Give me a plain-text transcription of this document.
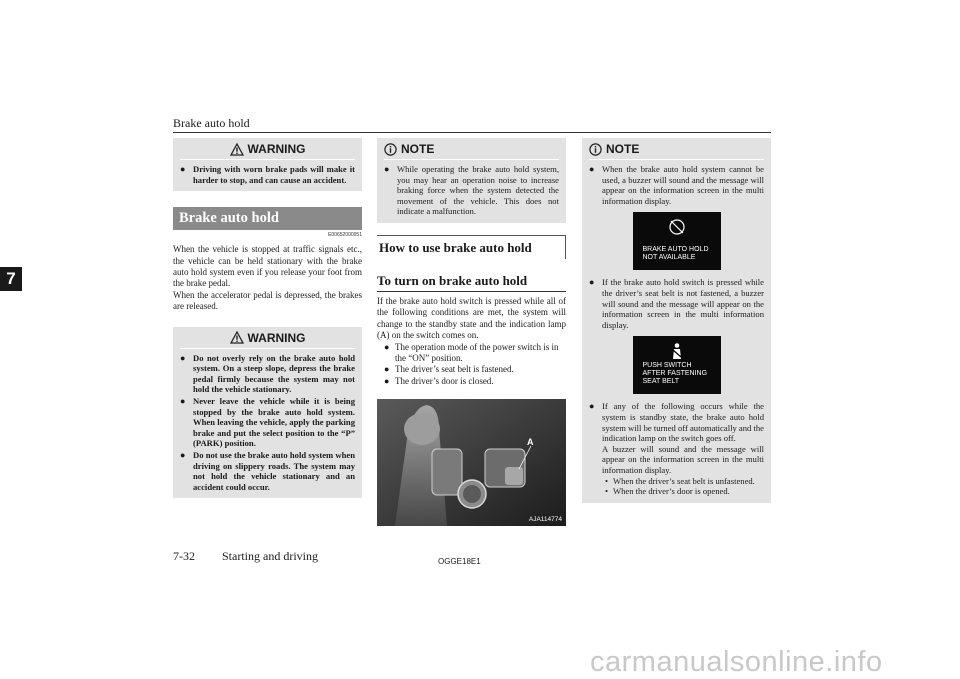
Brake auto hold
7
WARNING
● Driving with worn brake pads will make it harder to stop, and can cause an accident.
Brake auto hold
E00652000051
When the vehicle is stopped at traffic signals etc., the vehicle can be held stationary with the brake auto hold system even if you release your foot from the brake pedal.
When the accelerator pedal is depressed, the brakes are released.
WARNING
● Do not overly rely on the brake auto hold system. On a steep slope, depress the brake pedal firmly because the system may not hold the vehicle stationary.
● Never leave the vehicle while it is being stopped by the brake auto hold system. When leaving the vehicle, apply the parking brake and put the select position to the “P” (PARK) position.
● Do not use the brake auto hold system when driving on slippery roads. The system may not hold the vehicle stationary and an accident could occur.
NOTE
● While operating the brake auto hold system, you may hear an operation noise to increase braking force when the system detected the movement of the vehicle. This does not indicate a malfunction.
How to use brake auto hold
To turn on brake auto hold
If the brake auto hold switch is pressed while all of the following conditions are met, the system will change to the standby state and the indication lamp (A) on the switch comes on.
● The operation mode of the power switch is in the “ON” position.
● The driver’s seat belt is fastened.
● The driver’s door is closed.
A
AJA114774
NOTE
● When the brake auto hold system cannot be used, a buzzer will sound and the message will appear on the information screen in the multi information display.
BRAKE AUTO HOLD
NOT AVAILABLE
● If the brake auto hold switch is pressed while the driver’s seat belt is not fastened, a buzzer will sound and the message will appear on the information screen in the multi information display.
PUSH SWITCH
AFTER FASTENING
SEAT BELT
● If any of the following occurs while the system is standby state, the brake auto hold system will be turned off automatically and the indication lamp on the switch goes off.
A buzzer will sound and the message will appear on the information screen in the multi information display.
• When the driver’s seat belt is unfastened.
• When the driver’s door is opened.
7-32 Starting and driving	OGGE18E1
carmanualsonline.info
